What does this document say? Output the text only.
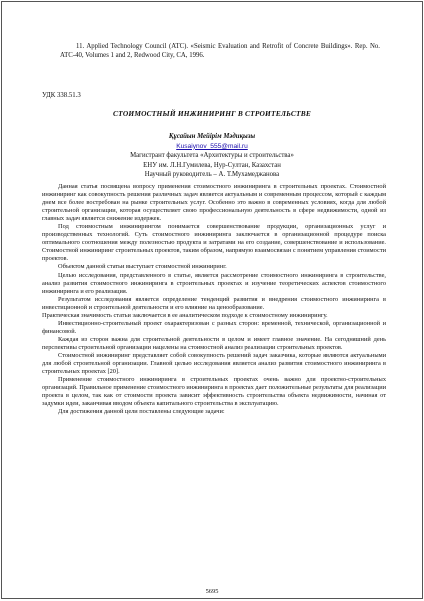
11. Applied Technology Council (ATC). «Seismic Evaluation and Retrofit of Concrete Buildings». Rep. No. ATC-40, Volumes 1 and 2, Redwood City, CA, 1996.
УДК 338.51.3
СТОИМОСТНЫЙ ИНЖИНИРИНГ В СТРОИТЕЛЬСТВЕ
Құсайын Мейірім Мәдиқызы
Kusaiynov_555@mail.ru
Магистрант факультета «Архитектуры и строительства»
ЕНУ им. Л.Н.Гумилева, Нур-Султан, Казахстан
Научный руководитель – А. Т.Мухамеджанова

Данная статья посвящена вопросу применения стоимостного инжиниринга в строительных проектах. Стоимостной инжиниринг как совокупность решения различных задач является актуальным и современным процессом, который с каждым днем все более востребован на рынке строительных услуг. Особенно это важно в современных условиях, когда для любой строительной организации, которая осуществляет свою профессиональную деятельность в сфере недвижимости, одной из главных задач является снижение издержек.

Под стоимостным инжинирингом понимается совершенствование продукции, организационных услуг и производственных технологий. Суть стоимостного инжиниринга заключается в организационной процедуре поиска оптимального соотношения между полезностью продукта и затратами на его создание, совершенствование и использование. Стоимостной инжиниринг строительных проектов, таким образом, напрямую взаимосвязан с понятием управления стоимости проектов.

Объектом данной статьи выступает стоимостной инжиниринг.

Целью исследования, представленного в статье, является рассмотрение стоимостного инжиниринга в строительстве, анализ развития стоимостного инжиниринга в строительных проектах и изучение теоретических аспектов стоимостного инжиниринга и его реализация.

Результатом исследования является определение тенденций развития и внедрения стоимостного инжиниринга в инвестиционной и строительной деятельности и его влияние на ценообразование.

Практическая значимость статьи заключается в ее аналитическом подходе к стоимостному инжинирингу.

Инвестиционно-строительный проект охарактеризован с разных сторон: временной, технической, организационной и финансовой.

Каждая из сторон важна для строительной деятельности в целом и имеет главное значение. На сегодняшний день перспективы строительной организации нацелены на стоимостной анализ реализации строительных проектов.

Стоимостной инжиниринг представляет собой совокупность решений задач заказчика, которые являются актуальными для любой строительной организации. Главной целью исследования является анализ развития стоимостного инжиниринга в строительных проектах [20].

Применение стоимостного инжиниринга в строительных проектах очень важно для проектно-строительных организаций. Правильное применение стоимостного инжиниринга в проектах дает положительные результаты для реализации проекта в целом, так как от стоимости проекта зависит эффективность строительства объекта недвижимости, начиная от задумки идеи, заканчивая вводом объекта капитального строительства в эксплуатацию.

Для достижения данной цели поставлены следующие задачи:

5695
